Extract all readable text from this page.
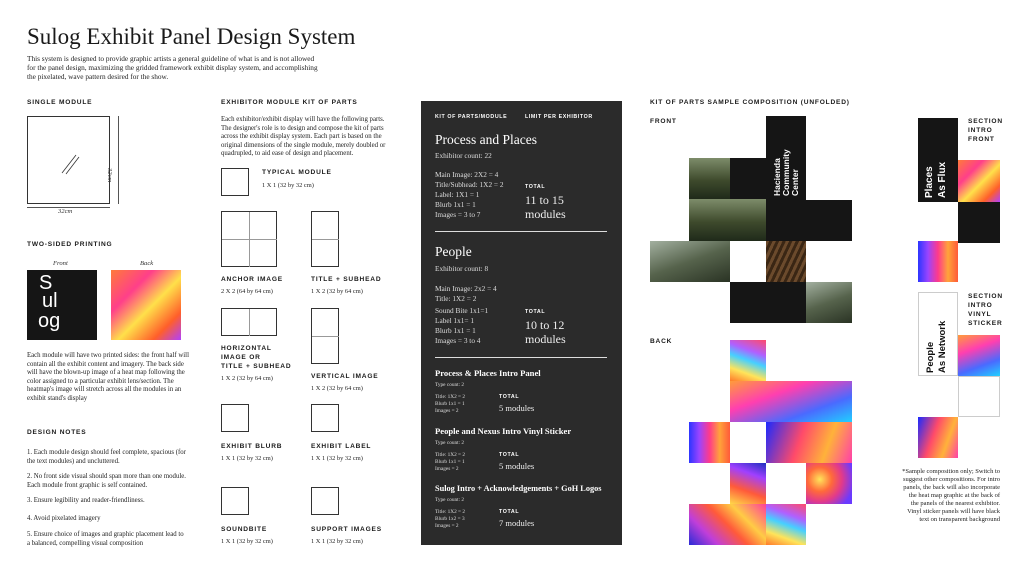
Sulog Exhibit Panel Design System
This system is designed to provide graphic artists a general guideline of what is and is not allowed for the panel design, maximizing the gridded framework exhibit display system, and accomplishing the pixelated, wave pattern desired for the show.
SINGLE MODULE
32cm
32cm
TWO-SIDED PRINTING
Front	Back
S
ul
og
Each module will have two printed sides: the front half will contain all the exhibit content and imagery. The back side will have the blown-up image of a heat map following the color assigned to a particular exhibit lens/section. The heatmap's image will stretch across all the modules in an exhibit stand's display
DESIGN NOTES
1. Each module design should feel complete, spacious (for the text modules) and uncluttered.
2. No front side visual should span more than one module. Each module front graphic is self contained.
3. Ensure legibility and reader-friendliness.
4. Avoid pixelated imagery
5. Ensure choice of images and graphic placement lead to a balanced, compelling visual composition
EXHIBITOR MODULE KIT OF PARTS
Each exhibitor/exhibit display will have the following parts. The designer's role is to design and compose the kit of parts across the exhibit display system. Each part is based on the original dimensions of the single module, merely doubled or quadrupled, to aid ease of design and placement.
TYPICAL MODULE
1 X 1 (32 by 32 cm)
ANCHOR IMAGE
2 X 2 (64 by 64 cm)
TITLE + SUBHEAD
1 X 2 (32 by 64 cm)
HORIZONTAL
IMAGE OR
TITLE + SUBHEAD
1 X 2 (32 by 64 cm)	VERTICAL IMAGE
1 X 2 (32 by 64 cm)
EXHIBIT BLURB
1 X 1 (32 by 32 cm)
EXHIBIT LABEL
1 X 1 (32 by 32 cm)
SOUNDBITE
1 X 1 (32 by 32 cm)
SUPPORT IMAGES
1 X 1 (32 by 32 cm)
KIT OF PARTS/MODULE	LIMIT PER EXHIBITOR
Process and Places
Exhibitor count: 22
Main Image: 2X2 = 4
Title/Subhead: 1X2 = 2
Label: 1X1 = 1
Blurb 1x1 = 1
Images = 3 to 7
TOTAL
11 to 15
modules
People
Exhibitor count: 8
Main Image: 2x2 = 4
Title: 1X2 = 2
Sound Bite 1x1=1
Label 1x1= 1
Blurb 1x1 = 1
Images = 3 to 4
TOTAL
10 to 12
modules
Process & Places Intro Panel
Type count: 2
Title: 1X2 = 2
Blurb 1x1 = 1
Images = 2
TOTAL
5 modules
People and Nexus Intro Vinyl Sticker
Type count: 2
Title: 1X2 = 2
Blurb 1x1 = 1
Images = 2
TOTAL
5 modules
Sulog Intro + Acknowledgements + GoH Logos
Type count: 2
Title: 1X2 = 2
Blurb 1x2 = 3
Images = 2
TOTAL
7 modules
KIT OF PARTS SAMPLE COMPOSITION (UNFOLDED)
FRONT
Hacienda Community Center
BACK
Places As Flux
SECTION
INTRO
FRONT
People As Network
SECTION
INTRO
VINYL
STICKER
*Sample composition only; Switch to suggest other compositions. For intro panels, the back will also incorporate the heat map graphic at the back of the panels of the nearest exhibitor. Vinyl sticker panels will have black text on transparent background
